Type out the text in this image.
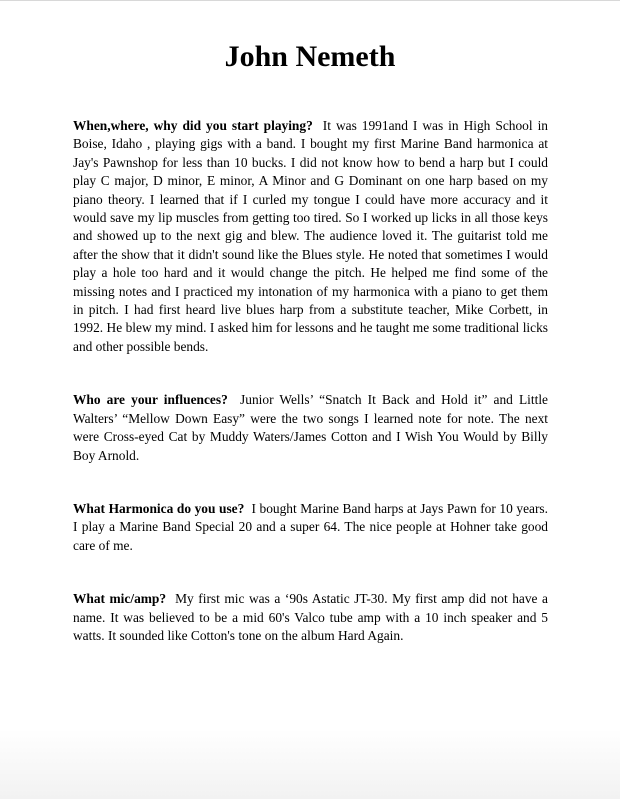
John Nemeth

When,where, why did you start playing? It was 1991and I was in High School in Boise, Idaho , playing gigs with a band. I bought my first Marine Band harmonica at Jay's Pawnshop for less than 10 bucks. I did not know how to bend a harp but I could play C major, D minor, E minor, A Minor and G Dominant on one harp based on my piano theory. I learned that if I curled my tongue I could have more accuracy and it would save my lip muscles from getting too tired. So I worked up licks in all those keys and showed up to the next gig and blew. The audience loved it. The guitarist told me after the show that it didn't sound like the Blues style. He noted that sometimes I would play a hole too hard and it would change the pitch. He helped me find some of the missing notes and I practiced my intonation of my harmonica with a piano to get them in pitch. I had first heard live blues harp from a substitute teacher, Mike Corbett, in 1992. He blew my mind. I asked him for lessons and he taught me some traditional licks and other possible bends.

Who are your influences? Junior Wells’ “Snatch It Back and Hold it” and Little Walters’ “Mellow Down Easy” were the two songs I learned note for note. The next were Cross-eyed Cat by Muddy Waters/James Cotton and I Wish You Would by Billy Boy Arnold.

What Harmonica do you use? I bought Marine Band harps at Jays Pawn for 10 years. I play a Marine Band Special 20 and a super 64. The nice people at Hohner take good care of me.

What mic/amp? My first mic was a ‘90s Astatic JT-30. My first amp did not have a name. It was believed to be a mid 60's Valco tube amp with a 10 inch speaker and 5 watts. It sounded like Cotton's tone on the album Hard Again.
